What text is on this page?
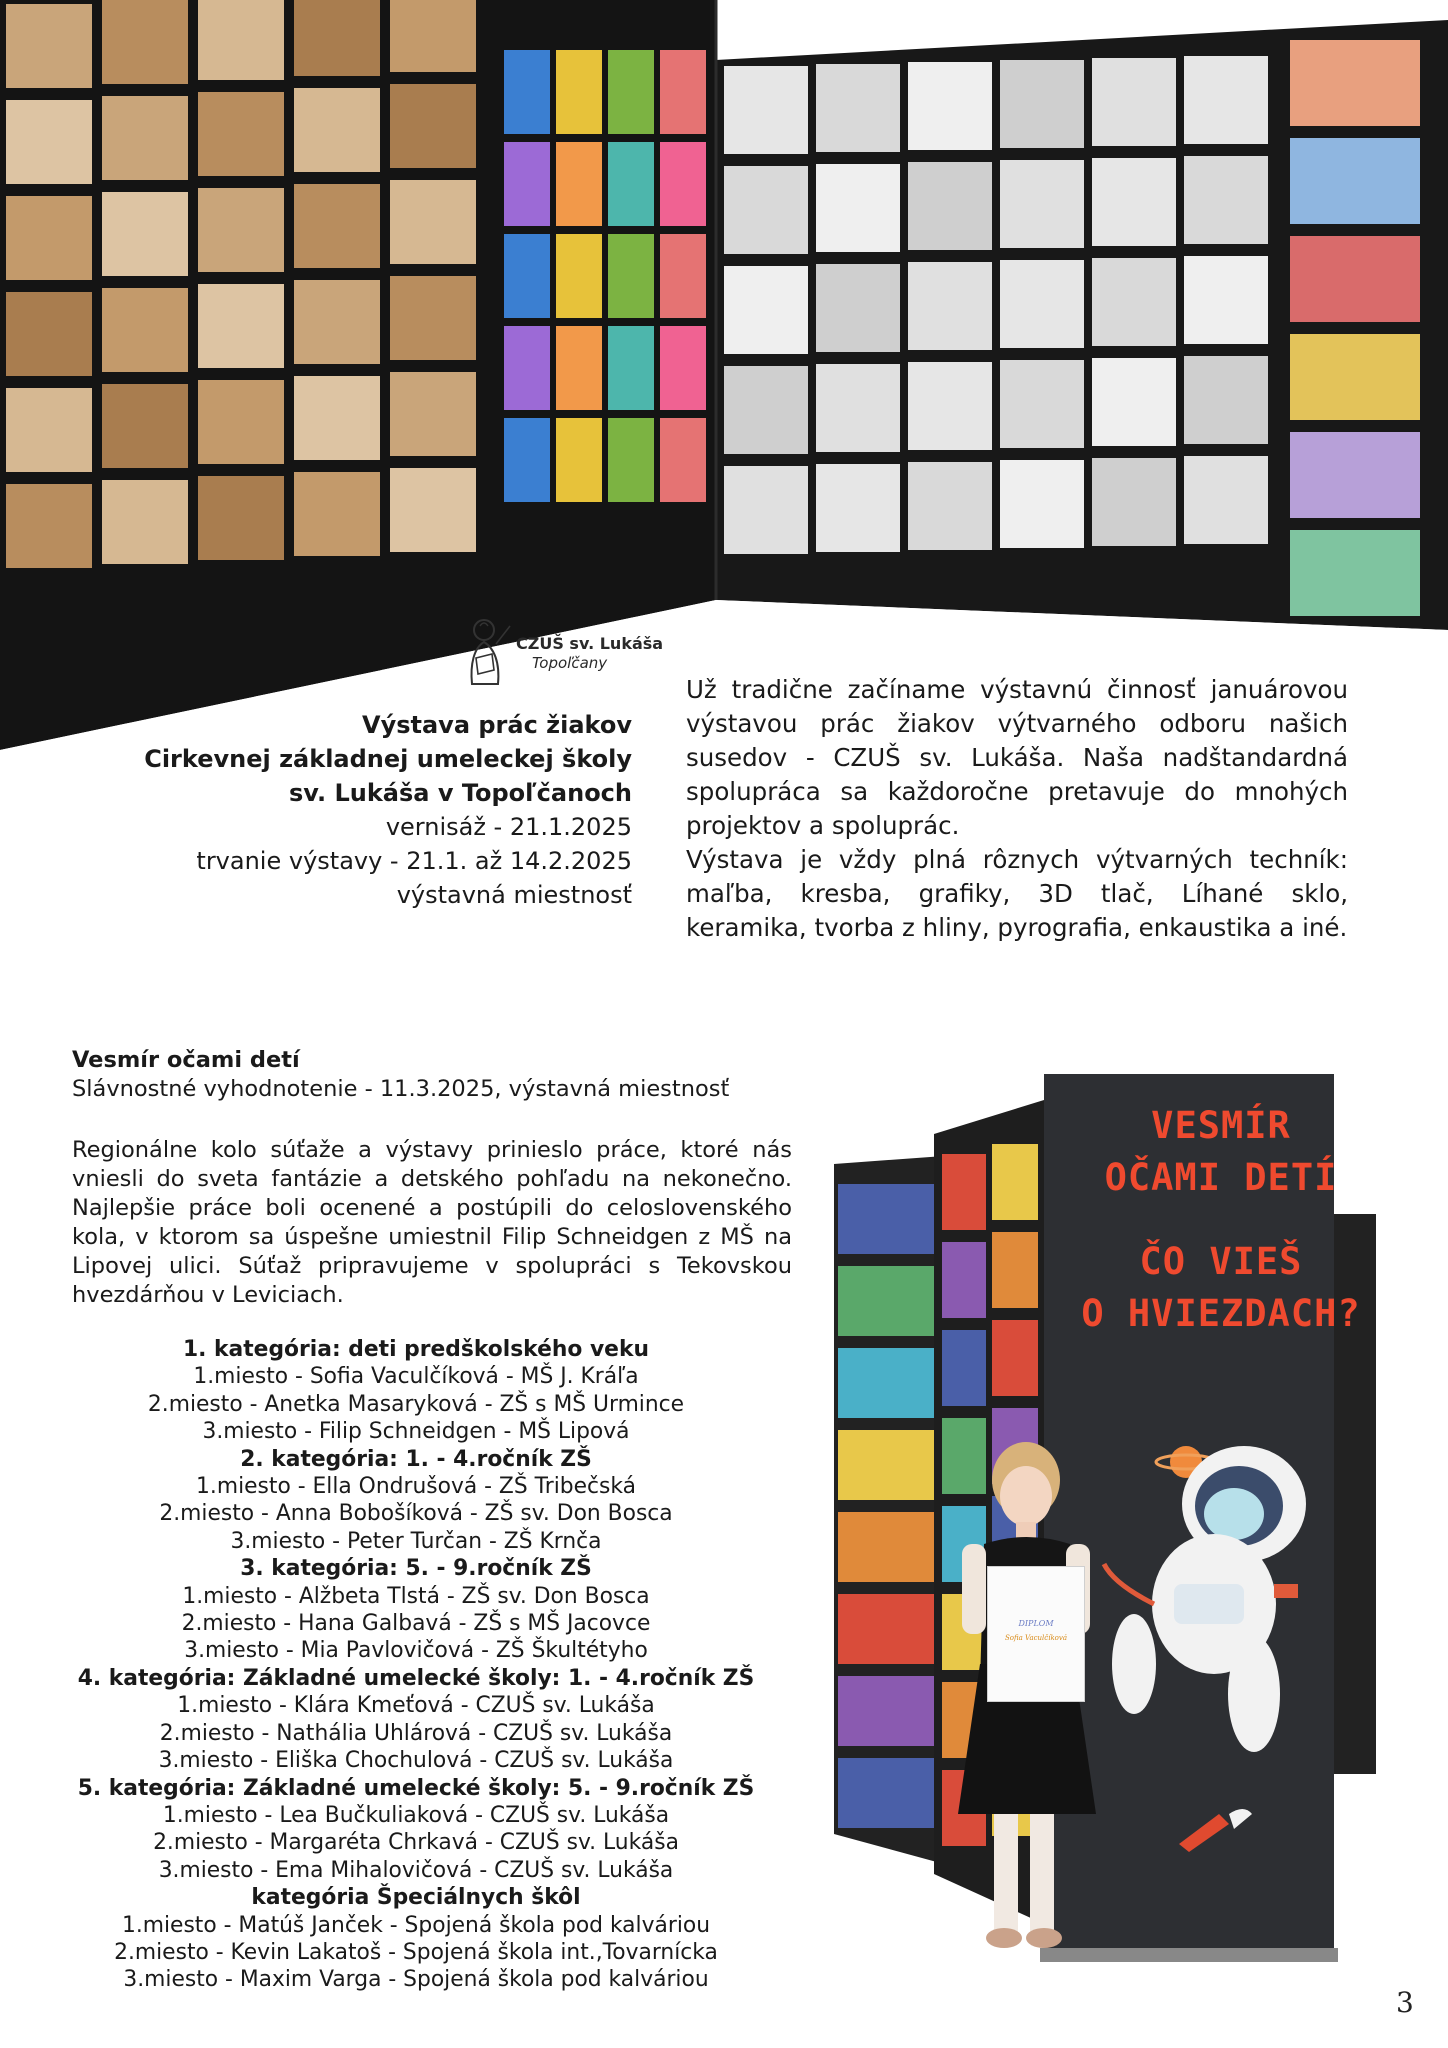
CZUŠ sv. Lukáša
Topoľčany
Výstava prác žiakov
Cirkevnej základnej umeleckej školy
sv. Lukáša v Topoľčanoch
vernisáž - 21.1.2025
trvanie výstavy - 21.1. až 14.2.2025
výstavná miestnosť

Už tradične začíname výstavnú činnosť januárovou výstavou prác žiakov výtvarného odboru našich susedov - CZUŠ sv. Lukáša. Naša nadštandardná spolupráca sa každoročne pretavuje do mnohých projektov a spoluprác.

Výstava je vždy plná rôznych výtvarných techník: maľba, kresba, grafiky, 3D tlač, Líhané sklo, keramika, tvorba z hliny, pyrografia, enkaustika a iné.

Vesmír očami detí
Slávnostné vyhodnotenie - 11.3.2025, výstavná miestnosť
Regionálne kolo súťaže a výstavy prinieslo práce, ktoré nás vniesli do sveta fantázie a detského pohľadu na nekonečno. Najlepšie práce boli ocenené a postúpili do celoslovenského kola, v ktorom sa úspešne umiestnil Filip Schneidgen z MŠ na Lipovej ulici. Súťaž pripravujeme v spolupráci s Tekovskou hvezdárňou v Leviciach.
1. kategória: deti predškolského veku
1.miesto - Sofia Vaculčíková - MŠ J. Kráľa
2.miesto - Anetka Masaryková - ZŠ s MŠ Urmince
3.miesto - Filip Schneidgen - MŠ Lipová
2. kategória: 1. - 4.ročník ZŠ
1.miesto - Ella Ondrušová - ZŠ Tribečská
2.miesto - Anna Bobošíková - ZŠ sv. Don Bosca
3.miesto - Peter Turčan - ZŠ Krnča
3. kategória: 5. - 9.ročník ZŠ
1.miesto - Alžbeta Tlstá - ZŠ sv. Don Bosca
2.miesto - Hana Galbavá - ZŠ s MŠ Jacovce
3.miesto - Mia Pavlovičová - ZŠ Škultétyho
4. kategória: Základné umelecké školy: 1. - 4.ročník ZŠ
1.miesto - Klára Kmeťová - CZUŠ sv. Lukáša
2.miesto - Nathália Uhlárová - CZUŠ sv. Lukáša
3.miesto - Eliška Chochulová - CZUŠ sv. Lukáša
5. kategória: Základné umelecké školy: 5. - 9.ročník ZŠ
1.miesto - Lea Bučkuliaková - CZUŠ sv. Lukáša
2.miesto - Margaréta Chrkavá - CZUŠ sv. Lukáša
3.miesto - Ema Mihalovičová - CZUŠ sv. Lukáša
kategória Špeciálnych škôl
1.miesto - Matúš Janček - Spojená škola pod kalváriou
2.miesto - Kevin Lakatoš - Spojená škola int.,Tovarnícka
3.miesto - Maxim Varga - Spojená škola pod kalváriou
VESMÍR
OČAMI DETÍ
ČO VIEŠ
O HVIEZDACH?
DIPLOM
Sofia Vaculčíková
3
